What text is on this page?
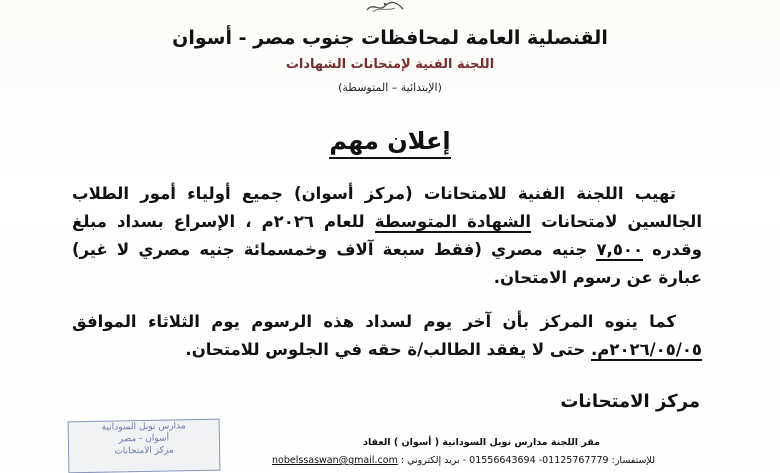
القنصلية العامة لمحافظات جنوب مصر - أسوان
اللجنة الفنية لإمتحانات الشهادات
(الإبتدائية – المتوسطة)
إعلان مهم

تهيب اللجنة الفنية للامتحانات (مركز أسوان) جميع أولياء أمور الطلاب الجالسين لامتحانات الشهادة المتوسطة للعام ٢٠٢٦م ، الإسراع بسداد مبلغ وقدره ٧,٥٠٠ جنيه مصري (فقط سبعة آلاف وخمسمائة جنيه مصري لا غير) عبارة عن رسوم الامتحان.

كما ينوه المركز بأن آخر يوم لسداد هذه الرسوم يوم الثلاثاء الموافق ٢٠٢٦/٠٥/٠٥م. حتى لا يفقد الطالب/ة حقه في الجلوس للامتحان.

مركز الامتحانات
مدارس نوبل السودانية
أسوان - مصر
مركز الامتحانات
مقر اللجنة مدارس نوبل السودانية ( أسوان ) العقاد
للإستفسار: 01125767779- 01556643694 - بريد إلكتروني : nobelssaswan@gmail.com
